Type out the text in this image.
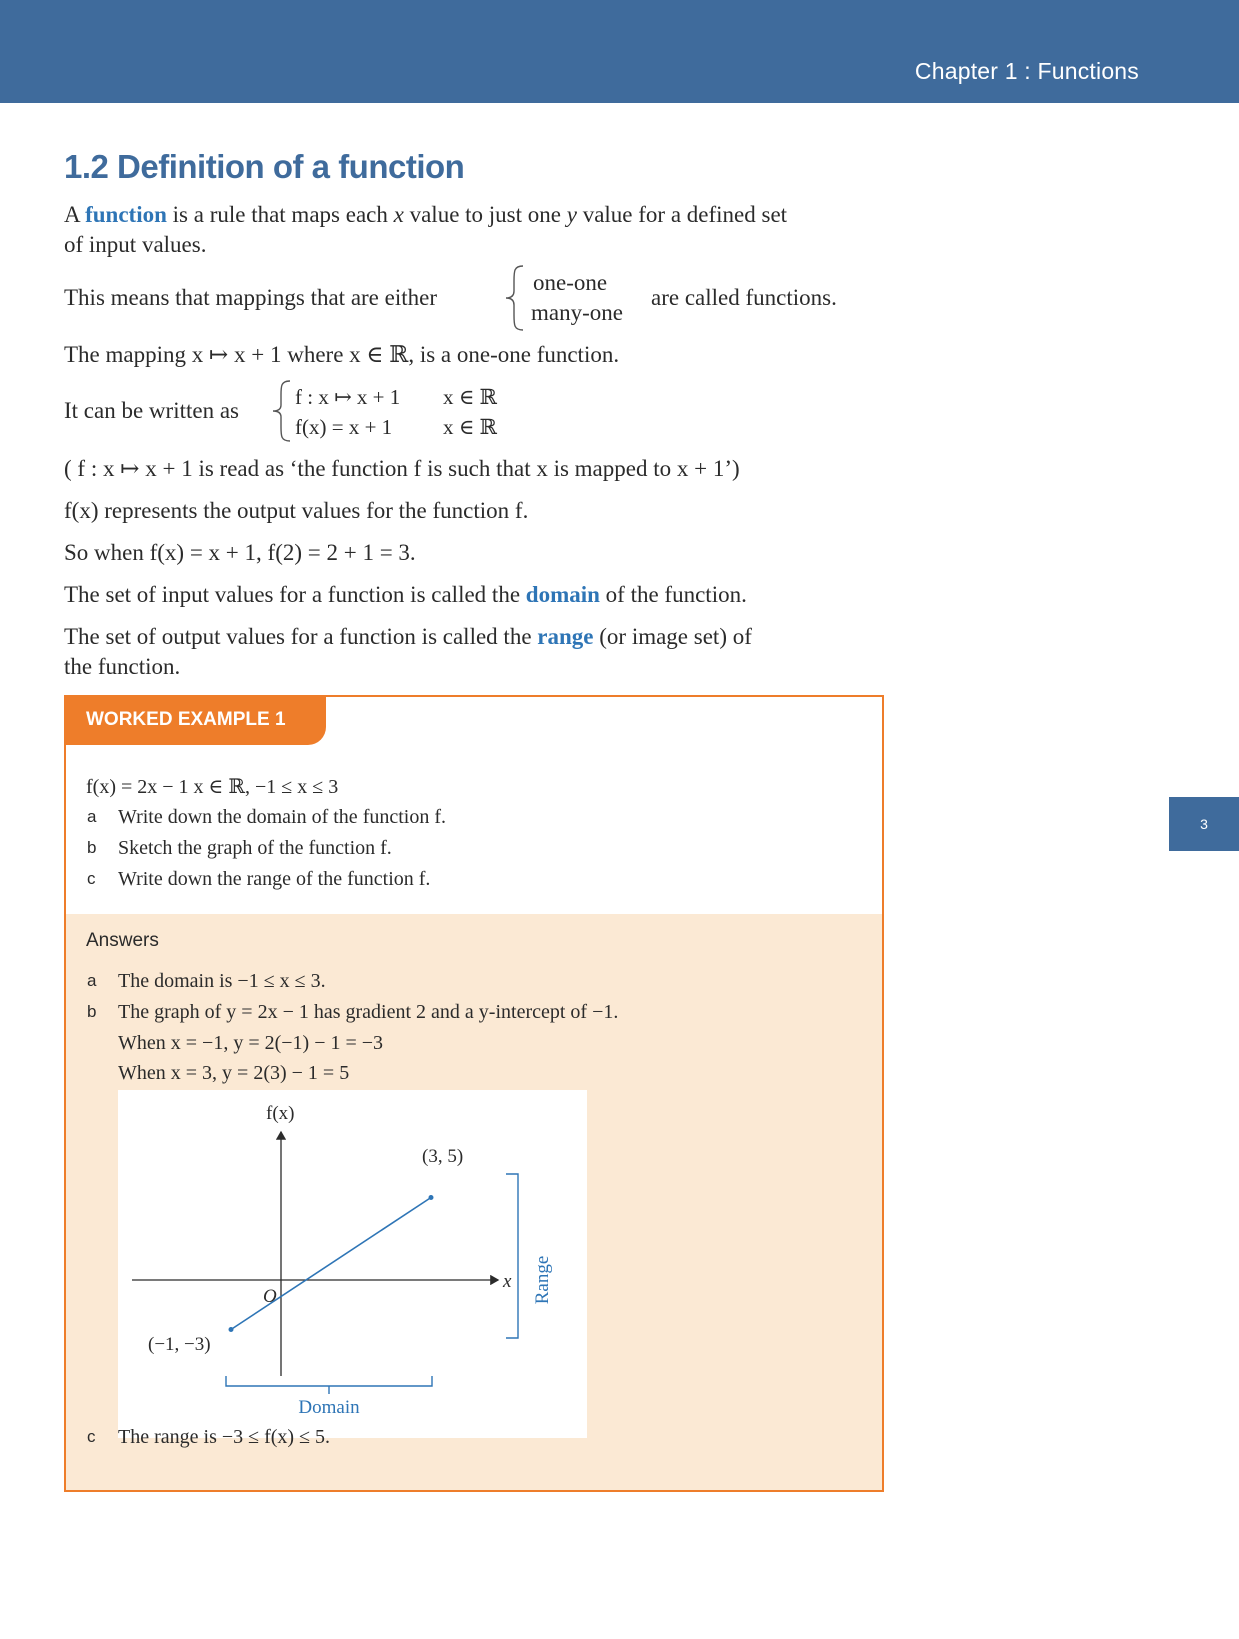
Chapter 1 : Functions
3
1.2 Definition of a function
A function is a rule that maps each x value to just one y value for a defined set
of input values.
This means that mappings that are either
one-one
many-one
are called functions.
The mapping x ↦ x + 1 where x ∈ ℝ, is a one-one function.
It can be written as
f : x ↦ x + 1 x ∈ ℝ
f(x) = x + 1 x ∈ ℝ
( f : x ↦ x + 1 is read as ‘the function f is such that x is mapped to x + 1’)
f(x) represents the output values for the function f.
So when f(x) = x + 1, f(2) = 2 + 1 = 3.
The set of input values for a function is called the domain of the function.
The set of output values for a function is called the range (or image set) of
the function.
WORKED EXAMPLE 1
f(x) = 2x − 1 x ∈ ℝ, −1 ≤ x ≤ 3
a Write down the domain of the function f.
b Sketch the graph of the function f.
c Write down the range of the function f.
Answers
a The domain is −1 ≤ x ≤ 3.
b The graph of y = 2x − 1 has gradient 2 and a y-intercept of −1.
When x = −1, y = 2(−1) − 1 = −3
When x = 3, y = 2(3) − 1 = 5
f(x)
x
O
(3, 5)
(−1, −3)
Range
Domain
c The range is −3 ≤ f(x) ≤ 5.
